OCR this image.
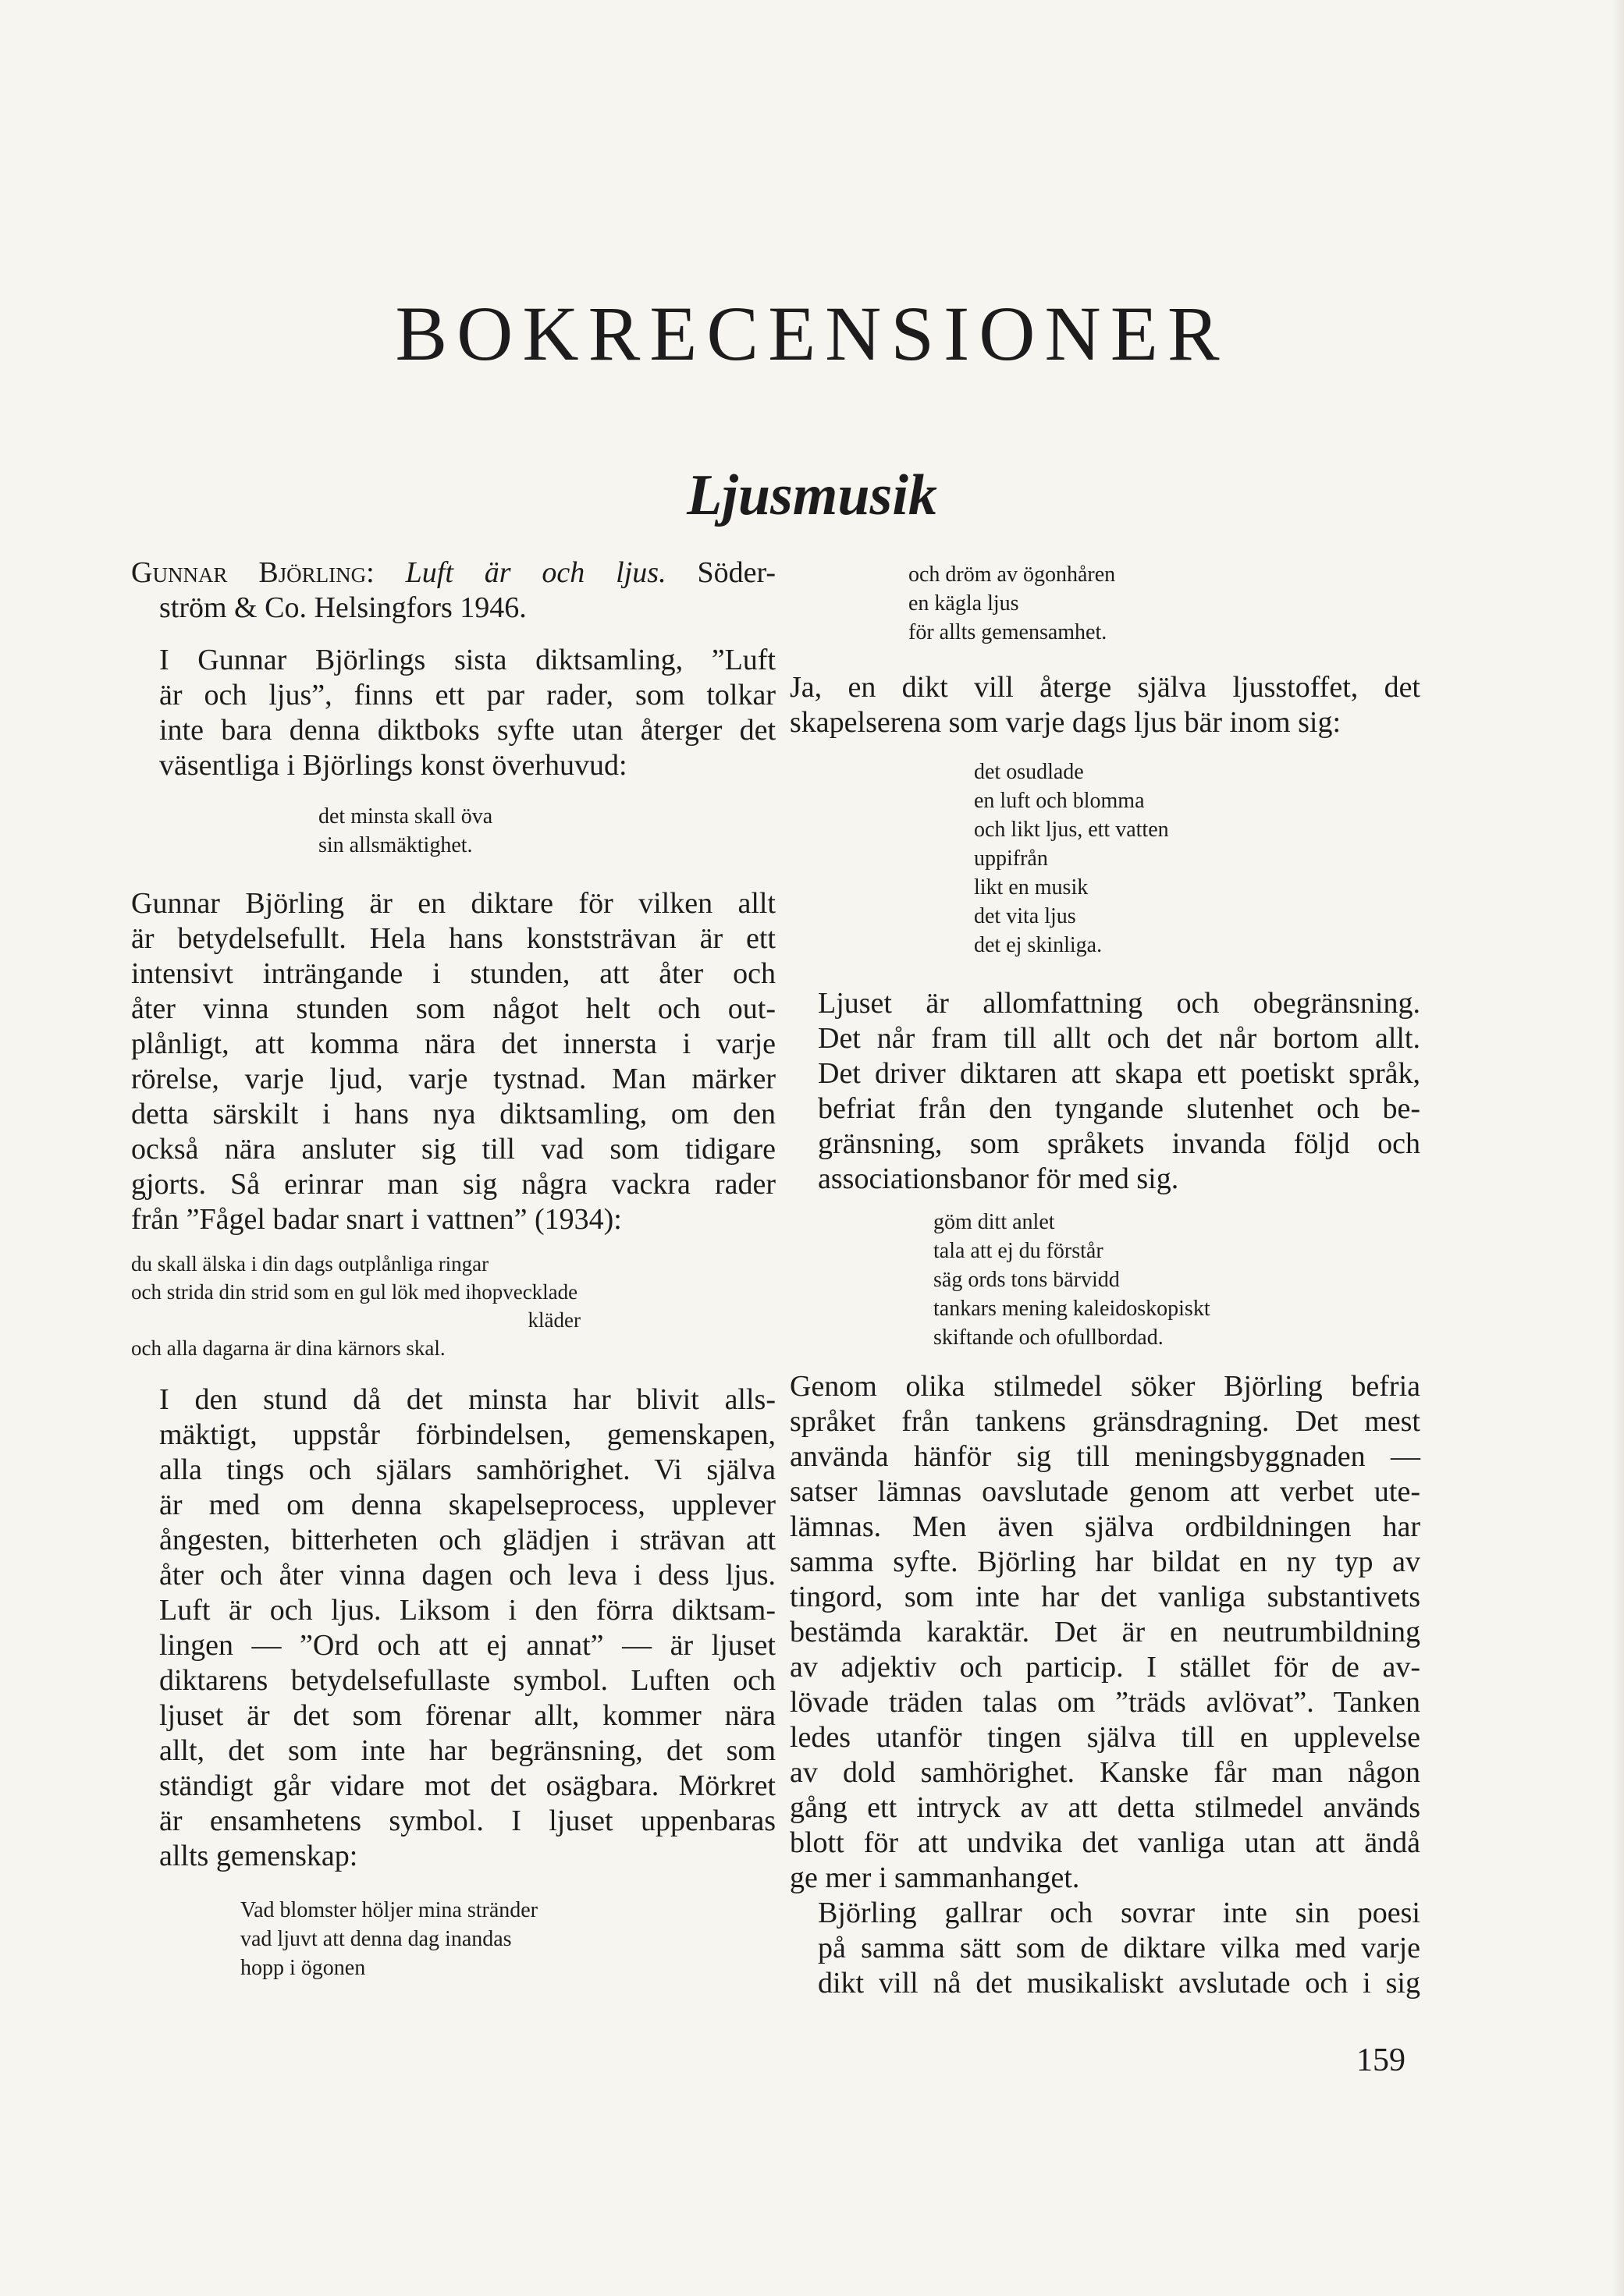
BOKRECENSIONER
Ljusmusik

Gunnar Björling: Luft är och ljus. Söder-
ström & Co. Helsingfors 1946.

I Gunnar Björlings sista diktsamling, ”Luft
är och ljus”, finns ett par rader, som tolkar
inte bara denna diktboks syfte utan återger det
väsentliga i Björlings konst överhuvud:

det minsta skall öva
sin allsmäktighet.

Gunnar Björling är en diktare för vilken allt
är betydelsefullt. Hela hans konststrävan är ett
intensivt inträngande i stunden, att åter och
åter vinna stunden som något helt och out-
plånligt, att komma nära det innersta i varje
rörelse, varje ljud, varje tystnad. Man märker
detta särskilt i hans nya diktsamling, om den
också nära ansluter sig till vad som tidigare
gjorts. Så erinrar man sig några vackra rader
från ”Fågel badar snart i vattnen” (1934):

du skall älska i din dags outplånliga ringar
och strida din strid som en gul lök med ihopvecklade
kläder
och alla dagarna är dina kärnors skal.

I den stund då det minsta har blivit alls-
mäktigt, uppstår förbindelsen, gemenskapen,
alla tings och själars samhörighet. Vi själva
är med om denna skapelseprocess, upplever
ångesten, bitterheten och glädjen i strävan att
åter och åter vinna dagen och leva i dess ljus.
Luft är och ljus. Liksom i den förra diktsam-
lingen — ”Ord och att ej annat” — är ljuset
diktarens betydelsefullaste symbol. Luften och
ljuset är det som förenar allt, kommer nära
allt, det som inte har begränsning, det som
ständigt går vidare mot det osägbara. Mörkret
är ensamhetens symbol. I ljuset uppenbaras
allts gemenskap:

Vad blomster höljer mina stränder
vad ljuvt att denna dag inandas
hopp i ögonen
och dröm av ögonhåren
en kägla ljus
för allts gemensamhet.

Ja, en dikt vill återge själva ljusstoffet, det
skapelserena som varje dags ljus bär inom sig:

det osudlade
en luft och blomma
och likt ljus, ett vatten
uppifrån
likt en musik
det vita ljus
det ej skinliga.

Ljuset är allomfattning och obegränsning.
Det når fram till allt och det når bortom allt.
Det driver diktaren att skapa ett poetiskt språk,
befriat från den tyngande slutenhet och be-
gränsning, som språkets invanda följd och
associationsbanor för med sig.

göm ditt anlet
tala att ej du förstår
säg ords tons bärvidd
tankars mening kaleidoskopiskt
skiftande och ofullbordad.

Genom olika stilmedel söker Björling befria
språket från tankens gränsdragning. Det mest
använda hänför sig till meningsbyggnaden —
satser lämnas oavslutade genom att verbet ute-
lämnas. Men även själva ordbildningen har
samma syfte. Björling har bildat en ny typ av
tingord, som inte har det vanliga substantivets
bestämda karaktär. Det är en neutrumbildning
av adjektiv och particip. I stället för de av-
lövade träden talas om ”träds avlövat”. Tanken
ledes utanför tingen själva till en upplevelse
av dold samhörighet. Kanske får man någon
gång ett intryck av att detta stilmedel används
blott för att undvika det vanliga utan att ändå
ge mer i sammanhanget.

Björling gallrar och sovrar inte sin poesi
på samma sätt som de diktare vilka med varje
dikt vill nå det musikaliskt avslutade och i sig

159
